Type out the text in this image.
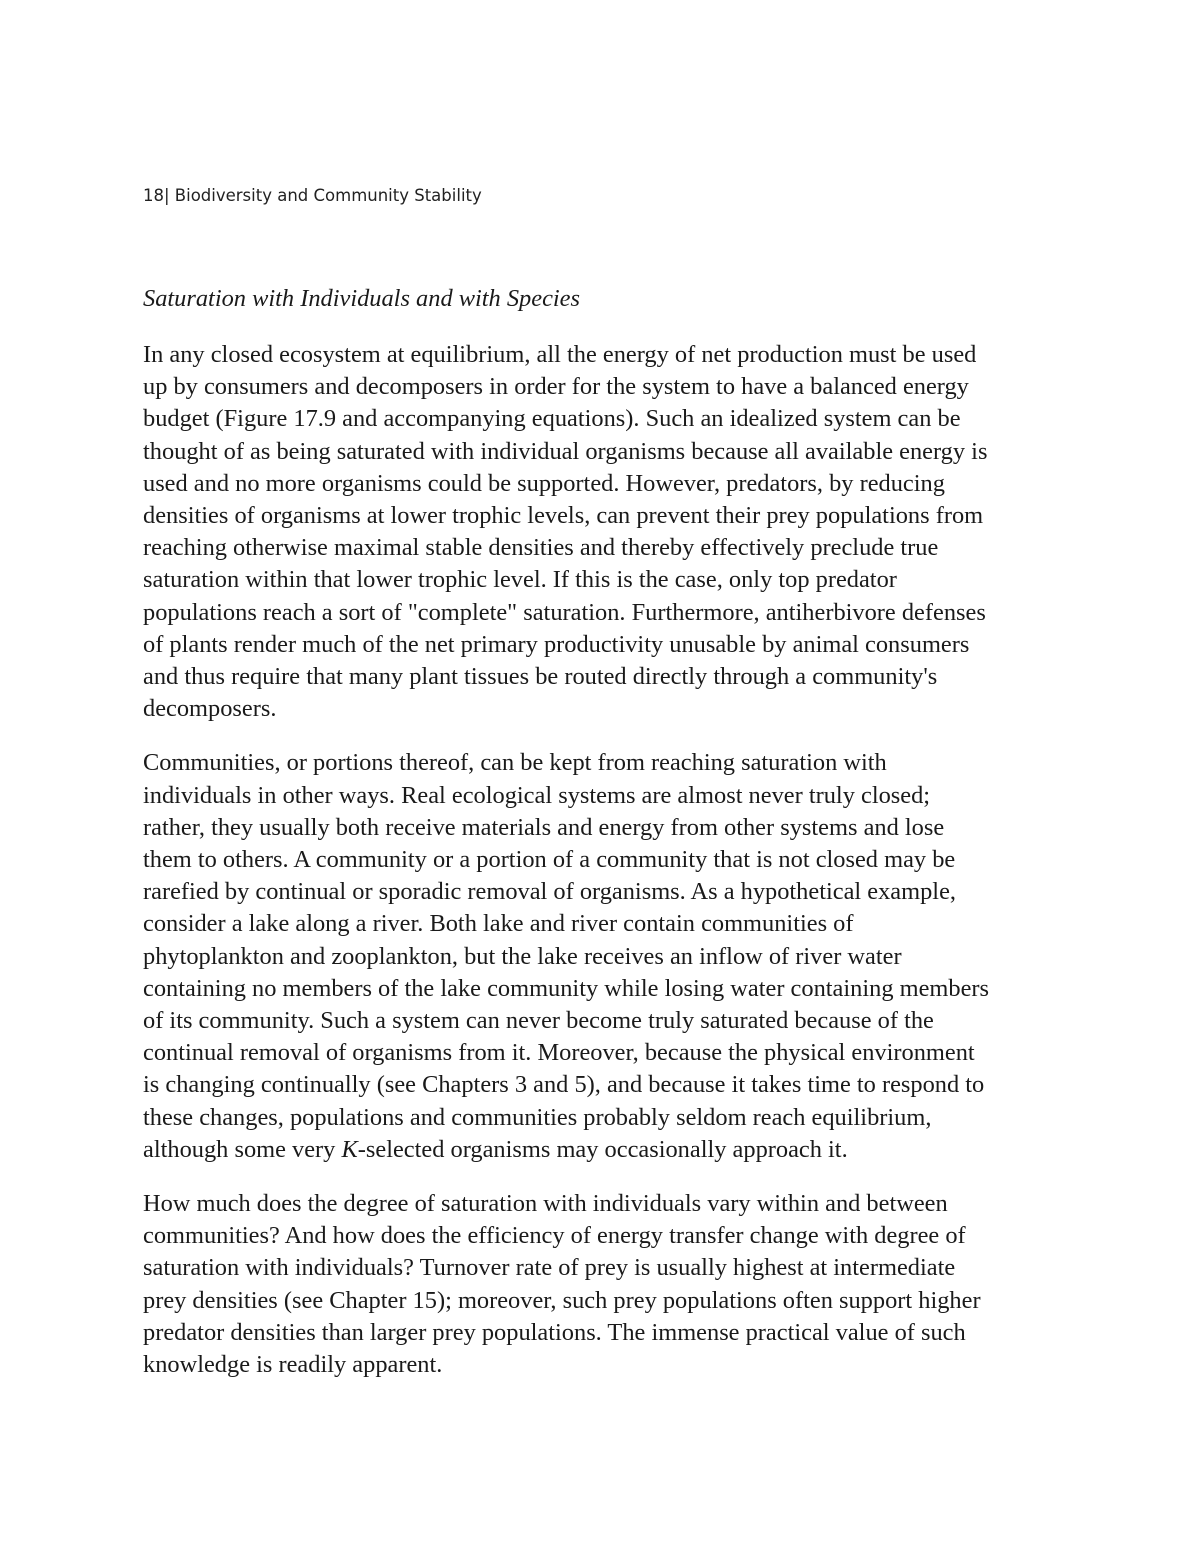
18| Biodiversity and Community Stability
Saturation with Individuals and with Species

In any closed ecosystem at equilibrium, all the energy of net production must be used
up by consumers and decomposers in order for the system to have a balanced energy
budget (Figure 17.9 and accompanying equations). Such an idealized system can be
thought of as being saturated with individual organisms because all available energy is
used and no more organisms could be supported. However, predators, by reducing
densities of organisms at lower trophic levels, can prevent their prey populations from
reaching otherwise maximal stable densities and thereby effectively preclude true
saturation within that lower trophic level. If this is the case, only top predator
populations reach a sort of "complete" saturation. Furthermore, antiherbivore defenses
of plants render much of the net primary productivity unusable by animal consumers
and thus require that many plant tissues be routed directly through a community's
decomposers.

Communities, or portions thereof, can be kept from reaching saturation with
individuals in other ways. Real ecological systems are almost never truly closed;
rather, they usually both receive materials and energy from other systems and lose
them to others. A community or a portion of a community that is not closed may be
rarefied by continual or sporadic removal of organisms. As a hypothetical example,
consider a lake along a river. Both lake and river contain communities of
phytoplankton and zooplankton, but the lake receives an inflow of river water
containing no members of the lake community while losing water containing members
of its community. Such a system can never become truly saturated because of the
continual removal of organisms from it. Moreover, because the physical environment
is changing continually (see Chapters 3 and 5), and because it takes time to respond to
these changes, populations and communities probably seldom reach equilibrium,
although some very K-selected organisms may occasionally approach it.

How much does the degree of saturation with individuals vary within and between
communities? And how does the efficiency of energy transfer change with degree of
saturation with individuals? Turnover rate of prey is usually highest at intermediate
prey densities (see Chapter 15); moreover, such prey populations often support higher
predator densities than larger prey populations. The immense practical value of such
knowledge is readily apparent.
